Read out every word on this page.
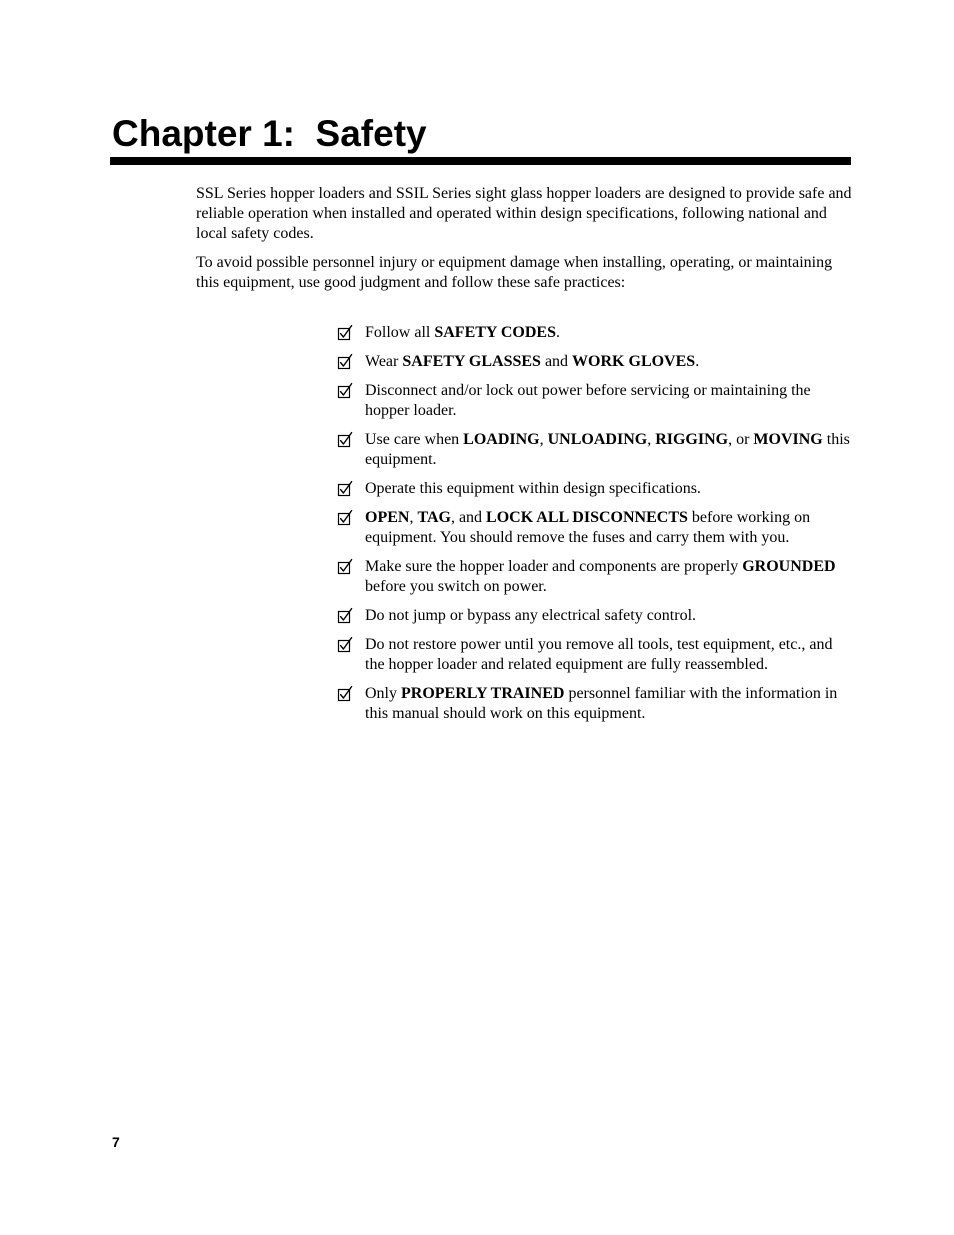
Chapter 1:  Safety

SSL Series hopper loaders and SSIL Series sight glass hopper loaders are designed to provide safe and reliable operation when installed and operated within design specifications, following national and local safety codes.

To avoid possible personnel injury or equipment damage when installing, operating, or maintaining this equipment, use good judgment and follow these safe practices:

Follow all SAFETY CODES.
Wear SAFETY GLASSES and WORK GLOVES.
Disconnect and/or lock out power before servicing or maintaining the hopper loader.
Use care when LOADING, UNLOADING, RIGGING, or MOVING this equipment.
Operate this equipment within design specifications.
OPEN, TAG, and LOCK ALL DISCONNECTS before working on equipment. You should remove the fuses and carry them with you.
Make sure the hopper loader and components are properly GROUNDED before you switch on power.
Do not jump or bypass any electrical safety control.
Do not restore power until you remove all tools, test equipment, etc., and the hopper loader and related equipment are fully reassembled.
Only PROPERLY TRAINED personnel familiar with the information in this manual should work on this equipment.
7
